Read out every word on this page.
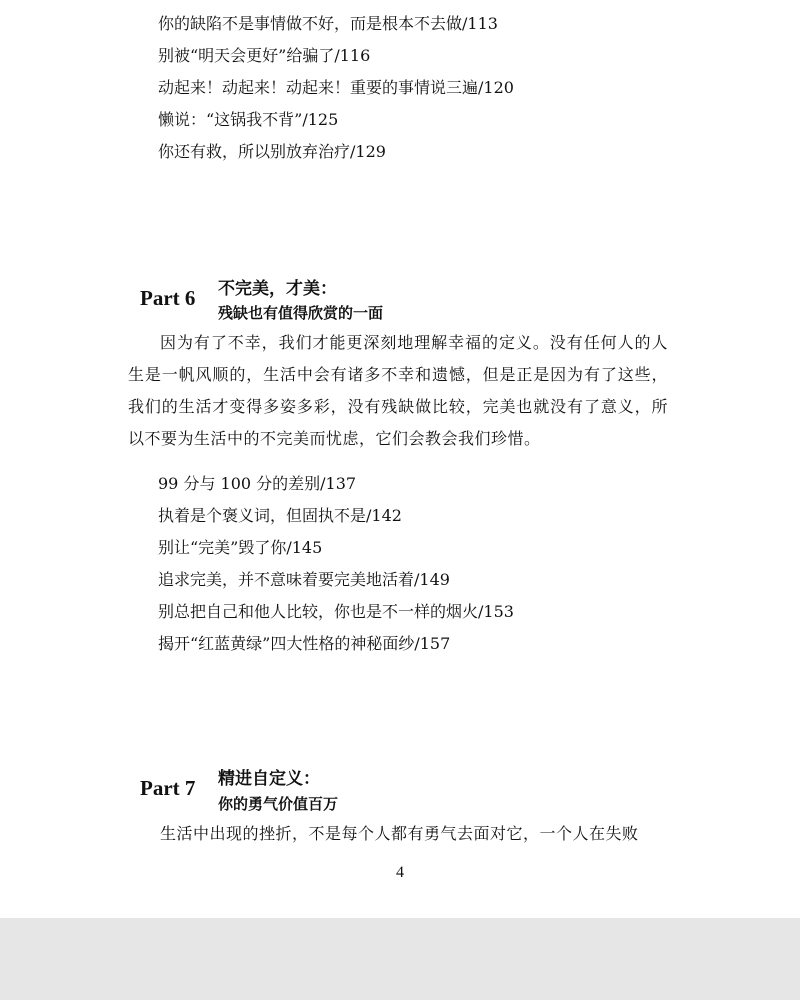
你的缺陷不是事情做不好，而是根本不去做/113
别被“明天会更好”给骗了/116
动起来！动起来！动起来！重要的事情说三遍/120
懒说：“这锅我不背”/125
你还有救，所以别放弃治疗/129
Part 6 不完美，才美：
残缺也有值得欣赏的一面

因为有了不幸，我们才能更深刻地理解幸福的定义。没有任何人的人生是一帆风顺的，生活中会有诸多不幸和遗憾，但是正是因为有了这些，我们的生活才变得多姿多彩，没有残缺做比较，完美也就没有了意义，所以不要为生活中的不完美而忧虑，它们会教会我们珍惜。

99 分与 100 分的差别/137
执着是个褒义词，但固执不是/142
别让“完美”毁了你/145
追求完美，并不意味着要完美地活着/149
别总把自己和他人比较，你也是不一样的烟火/153
揭开“红蓝黄绿”四大性格的神秘面纱/157
Part 7 精进自定义：
你的勇气价值百万

生活中出现的挫折，不是每个人都有勇气去面对它，一个人在失败

4
